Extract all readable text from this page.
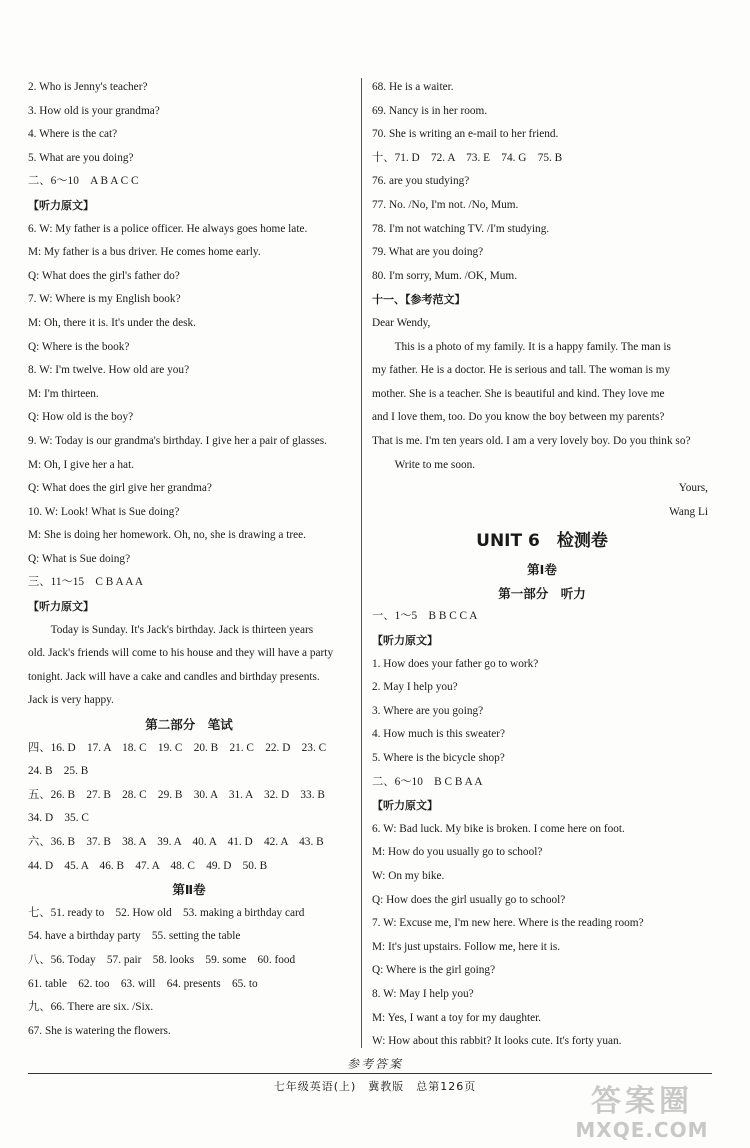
2. Who is Jenny's teacher?
3. How old is your grandma?
4. Where is the cat?
5. What are you doing?
二、6～10　A B A C C
【听力原文】
6. W: My father is a police officer. He always goes home late.
M: My father is a bus driver. He comes home early.
Q: What does the girl's father do?
7. W: Where is my English book?
M: Oh, there it is. It's under the desk.
Q: Where is the book?
8. W: I'm twelve. How old are you?
M: I'm thirteen.
Q: How old is the boy?
9. W: Today is our grandma's birthday. I give her a pair of glasses.
M: Oh, I give her a hat.
Q: What does the girl give her grandma?
10. W: Look! What is Sue doing?
M: She is doing her homework. Oh, no, she is drawing a tree.
Q: What is Sue doing?
三、11～15　C B A A A
【听力原文】
Today is Sunday. It's Jack's birthday. Jack is thirteen years
old. Jack's friends will come to his house and they will have a party
tonight. Jack will have a cake and candles and birthday presents.
Jack is very happy.
第二部分　笔试
四、16. D　17. A　18. C　19. C　20. B　21. C　22. D　23. C
24. B　25. B
五、26. B　27. B　28. C　29. B　30. A　31. A　32. D　33. B
34. D　35. C
六、36. B　37. B　38. A　39. A　40. A　41. D　42. A　43. B
44. D　45. A　46. B　47. A　48. C　49. D　50. B
第Ⅱ卷
七、51. ready to　52. How old　53. making a birthday card
54. have a birthday party　55. setting the table
八、56. Today　57. pair　58. looks　59. some　60. food
61. table　62. too　63. will　64. presents　65. to
九、66. There are six. /Six.
67. She is watering the flowers.
68. He is a waiter.
69. Nancy is in her room.
70. She is writing an e-mail to her friend.
十、71. D　72. A　73. E　74. G　75. B
76. are you studying?
77. No. /No, I'm not. /No, Mum.
78. I'm not watching TV. /I'm studying.
79. What are you doing?
80. I'm sorry, Mum. /OK, Mum.
十一、【参考范文】
Dear Wendy,
This is a photo of my family. It is a happy family. The man is
my father. He is a doctor. He is serious and tall. The woman is my
mother. She is a teacher. She is beautiful and kind. They love me
and I love them, too. Do you know the boy between my parents?
That is me. I'm ten years old. I am a very lovely boy. Do you think so?
Write to me soon.
Yours,
Wang Li
UNIT 6　检测卷
第Ⅰ卷
第一部分　听力
一、1～5　B B C C A
【听力原文】
1. How does your father go to work?
2. May I help you?
3. Where are you going?
4. How much is this sweater?
5. Where is the bicycle shop?
二、6～10　B C B A A
【听力原文】
6. W: Bad luck. My bike is broken. I come here on foot.
M: How do you usually go to school?
W: On my bike.
Q: How does the girl usually go to school?
7. W: Excuse me, I'm new here. Where is the reading room?
M: It's just upstairs. Follow me, here it is.
Q: Where is the girl going?
8. W: May I help you?
M: Yes, I want a toy for my daughter.
W: How about this rabbit? It looks cute. It's forty yuan.
参考答案
七年级英语(上)　冀教版　总第126页	答案圈
MXQE.COM
